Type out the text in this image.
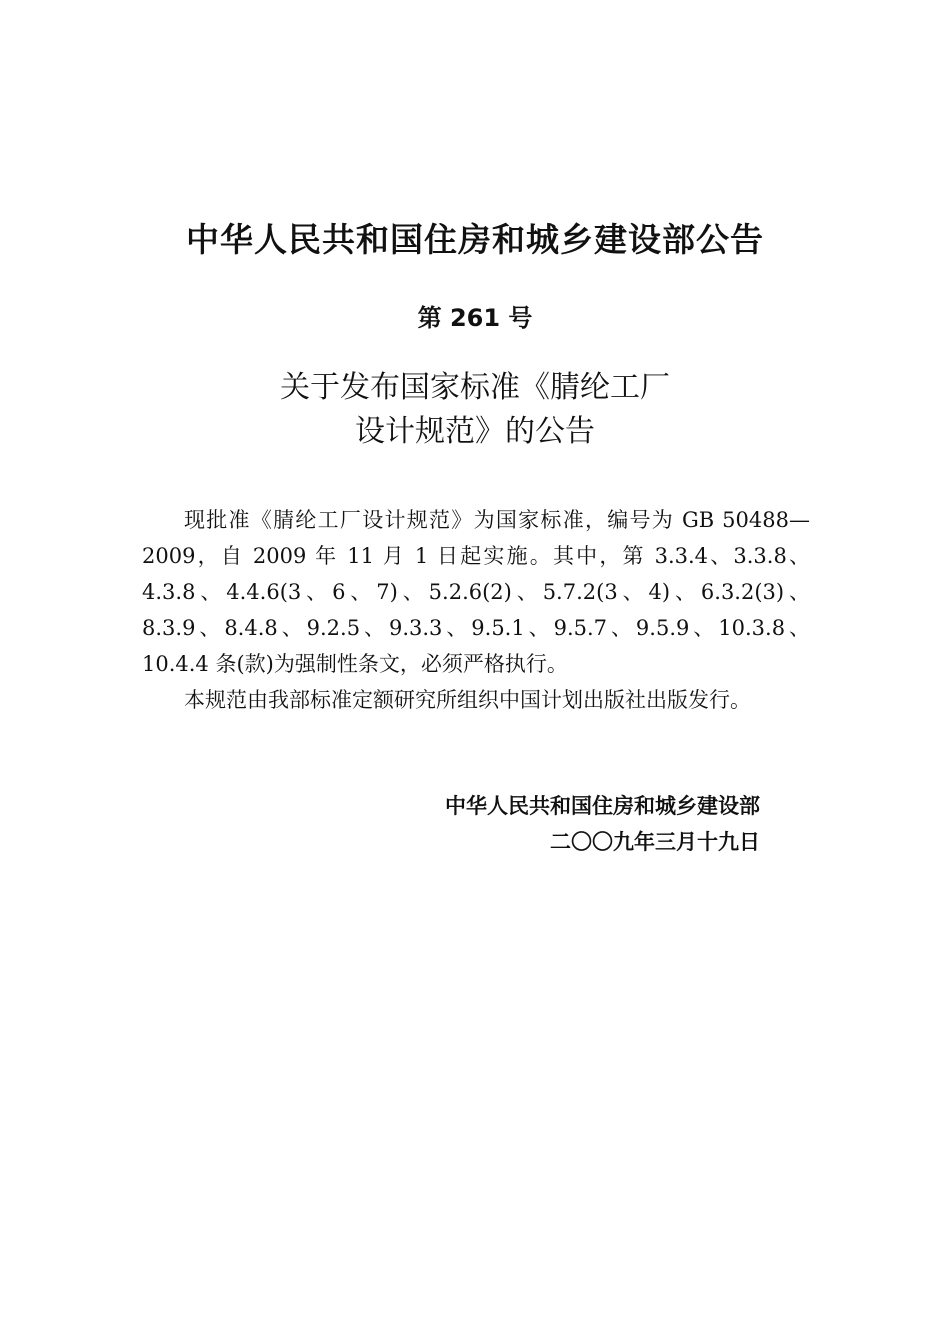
中华人民共和国住房和城乡建设部公告
第 261 号
关于发布国家标准《腈纶工厂
设计规范》的公告

现批准《腈纶工厂设计规范》为国家标准，编号为 GB 50488—2009，自 2009 年 11 月 1 日起实施。其中，第 3.3.4、3.3.8、4.3.8、4.4.6(3、6、7)、5.2.6(2)、5.7.2(3、4)、6.3.2(3)、8.3.9、8.4.8、9.2.5、9.3.3、9.5.1、9.5.7、9.5.9、10.3.8、10.4.4 条(款)为强制性条文，必须严格执行。

本规范由我部标准定额研究所组织中国计划出版社出版发行。

中华人民共和国住房和城乡建设部
二〇〇九年三月十九日
